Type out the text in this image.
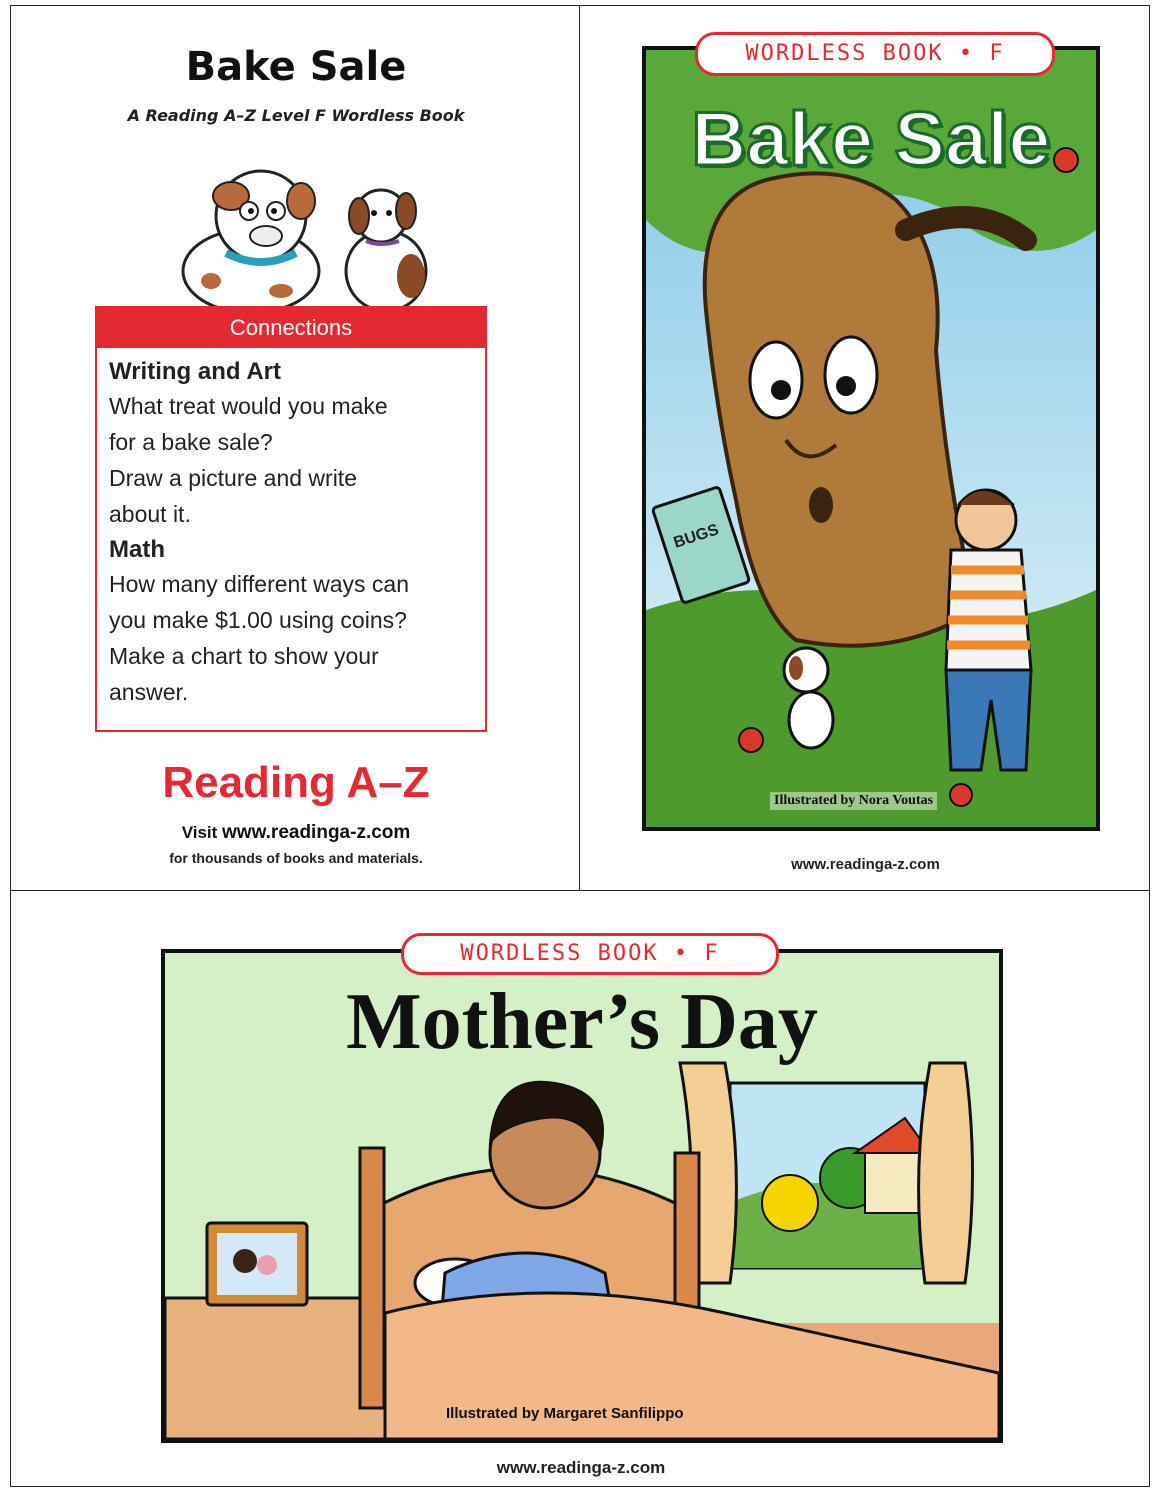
Bake Sale
A Reading A–Z Level F Wordless Book
Connections
Writing and Art

What treat would you make

for a bake sale?

Draw a picture and write

about it.

Math

How many different ways can

you make $1.00 using coins?

Make a chart to show your

answer.

Reading A–Z
Visit www.readinga-z.com
for thousands of books and materials.
BUGS
WORDLESS BOOK • F
Bake Sale
Illustrated by Nora Voutas
www.readinga-z.com
WORDLESS BOOK • F
Mother’s Day
Illustrated by Margaret Sanfilippo
www.readinga-z.com
